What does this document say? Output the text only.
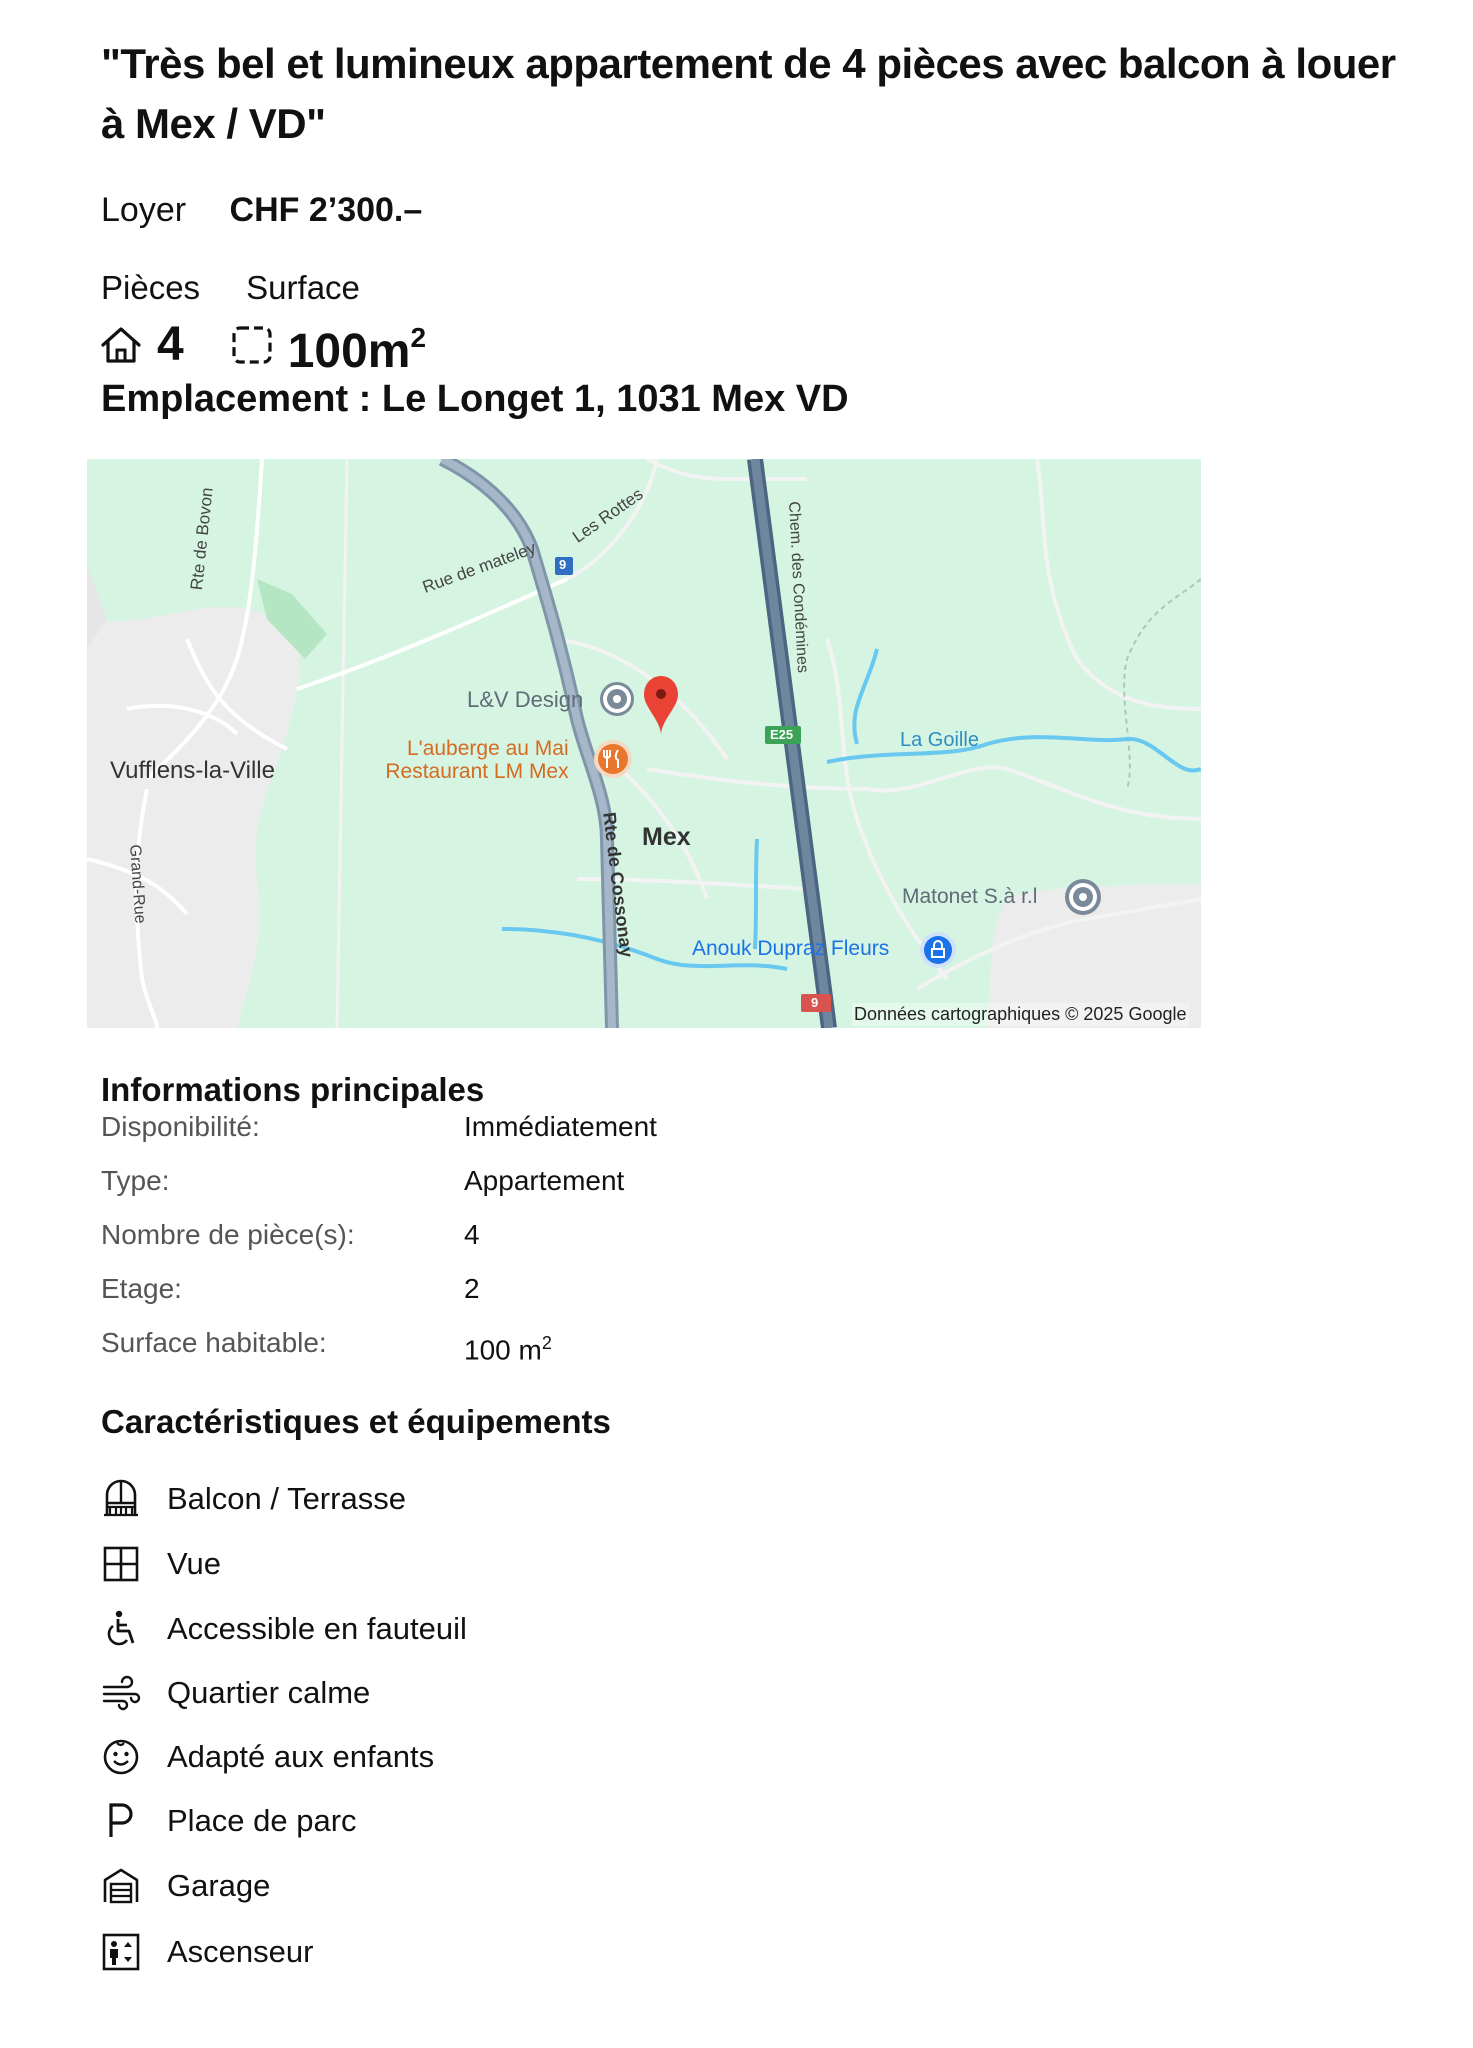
"Très bel et lumineux appartement de 4 pièces avec balcon à louer à Mex / VD"
Loyer CHF 2’300.–
Pièces Surface
4 $100m^2$
Emplacement : Le Longet 1, 1031 Mex VD
Rte de Bovon	Rue de mateley
Les Rottes	Chem. des Condémines
9
E25
9
L&V Design
L'auberge au Mai
Restaurant LM Mex
Vufflens-la-Ville
Grand-Rue	Rte de Cossonay Mex
La Goille
Matonet S.à r.l
Anouk Dupraz Fleurs
Données cartographiques © 2025 Google
Informations principales
Disponibilité:	Immédiatement
Type:	Appartement
Nombre de pièce(s):	4
Etage:	2
Surface habitable:	100 $m^2$
Caractéristiques et équipements
Balcon / Terrasse
Vue
Accessible en fauteuil
Quartier calme
Adapté aux enfants
Place de parc
Garage
Ascenseur
